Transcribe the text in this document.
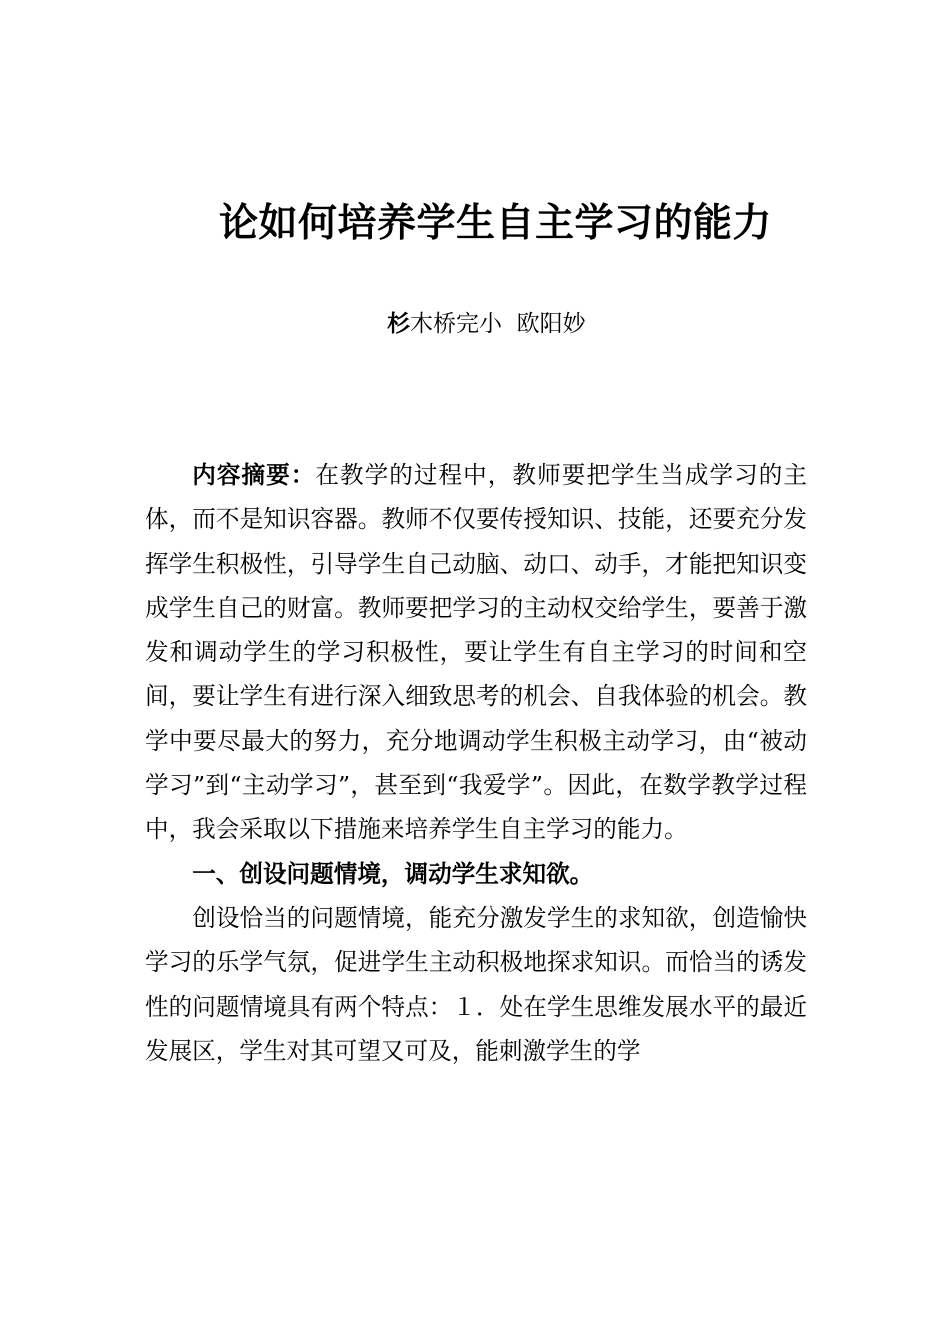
论如何培养学生自主学习的能力
杉木桥完小  欧阳妙

内容摘要：在教学的过程中，教师要把学生当成学习的主体，而不是知识容器。教师不仅要传授知识、技能，还要充分发挥学生积极性，引导学生自己动脑、动口、动手，才能把知识变成学生自己的财富。教师要把学习的主动权交给学生，要善于激发和调动学生的学习积极性，要让学生有自主学习的时间和空间，要让学生有进行深入细致思考的机会、自我体验的机会。教学中要尽最大的努力，充分地调动学生积极主动学习，由“被动学习”到“主动学习”，甚至到“我爱学”。因此，在数学教学过程中，我会采取以下措施来培养学生自主学习的能力。

一、创设问题情境，调动学生求知欲。

创设恰当的问题情境，能充分激发学生的求知欲，创造愉快学习的乐学气氛，促进学生主动积极地探求知识。而恰当的诱发性的问题情境具有两个特点：１．处在学生思维发展水平的最近发展区，学生对其可望又可及，能刺激学生的学
